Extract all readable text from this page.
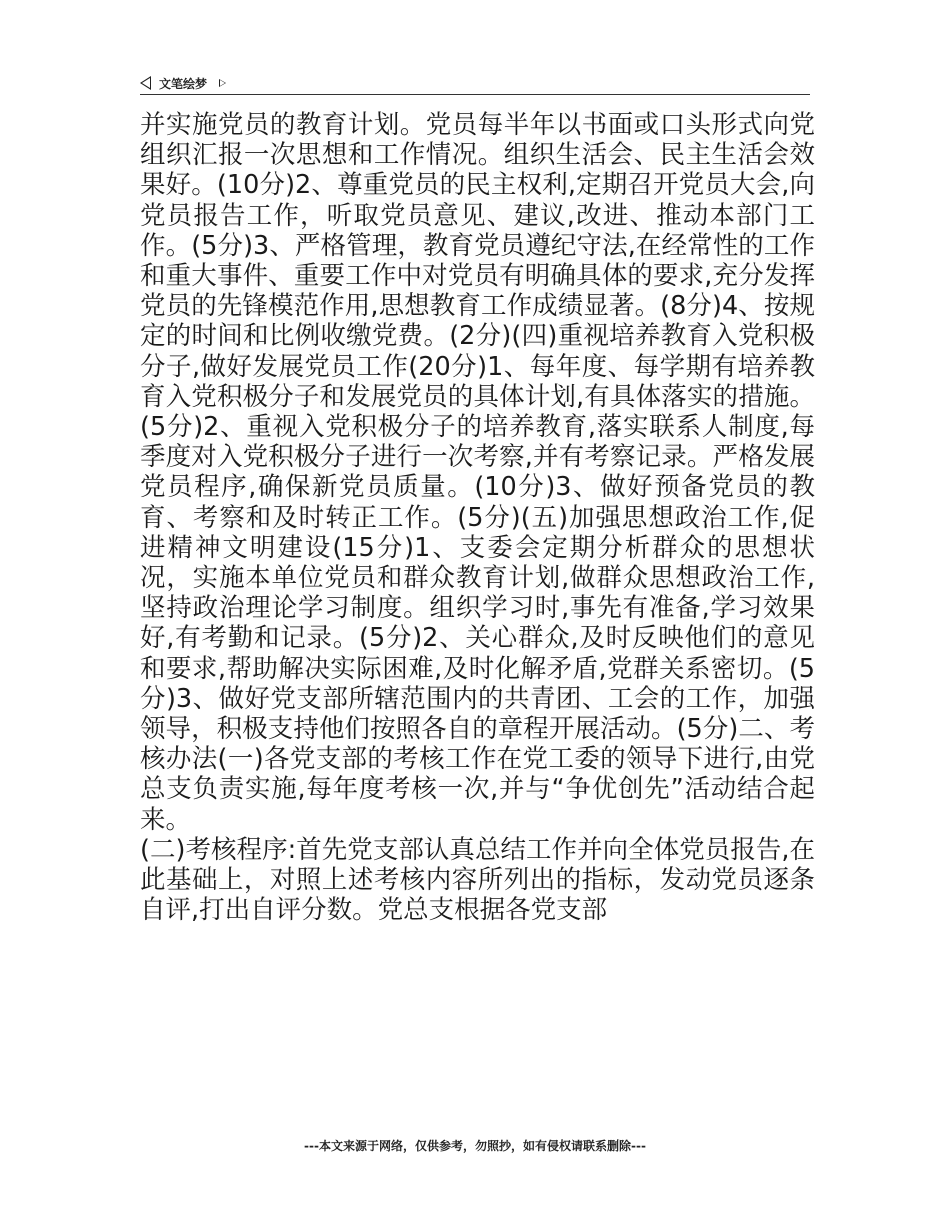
文笔绘梦

并实施党员的教育计划。党员每半年以书面或口头形式向党组织汇报一次思想和工作情况。组织生活会、民主生活会效果好。(10分)2、尊重党员的民主权利,定期召开党员大会,向党员报告工作，听取党员意见、建议,改进、推动本部门工作。(5分)3、严格管理，教育党员遵纪守法,在经常性的工作和重大事件、重要工作中对党员有明确具体的要求,充分发挥党员的先锋模范作用,思想教育工作成绩显著。(8分)4、按规定的时间和比例收缴党费。(2分)(四)重视培养教育入党积极分子,做好发展党员工作(20分)1、每年度、每学期有培养教育入党积极分子和发展党员的具体计划,有具体落实的措施。(5分)2、重视入党积极分子的培养教育,落实联系人制度,每季度对入党积极分子进行一次考察,并有考察记录。严格发展党员程序,确保新党员质量。(10分)3、做好预备党员的教育、考察和及时转正工作。(5分)(五)加强思想政治工作,促进精神文明建设(15分)1、支委会定期分析群众的思想状况，实施本单位党员和群众教育计划,做群众思想政治工作,坚持政治理论学习制度。组织学习时,事先有准备,学习效果好,有考勤和记录。(5分)2、关心群众,及时反映他们的意见和要求,帮助解决实际困难,及时化解矛盾,党群关系密切。(5分)3、做好党支部所辖范围内的共青团、工会的工作，加强领导，积极支持他们按照各自的章程开展活动。(5分)二、考核办法(一)各党支部的考核工作在党工委的领导下进行,由党总支负责实施,每年度考核一次,并与“争优创先”活动结合起来。

(二)考核程序:首先党支部认真总结工作并向全体党员报告,在此基础上，对照上述考核内容所列出的指标，发动党员逐条自评,打出自评分数。党总支根据各党支部

---本文来源于网络，仅供参考，勿照抄，如有侵权请联系删除---
